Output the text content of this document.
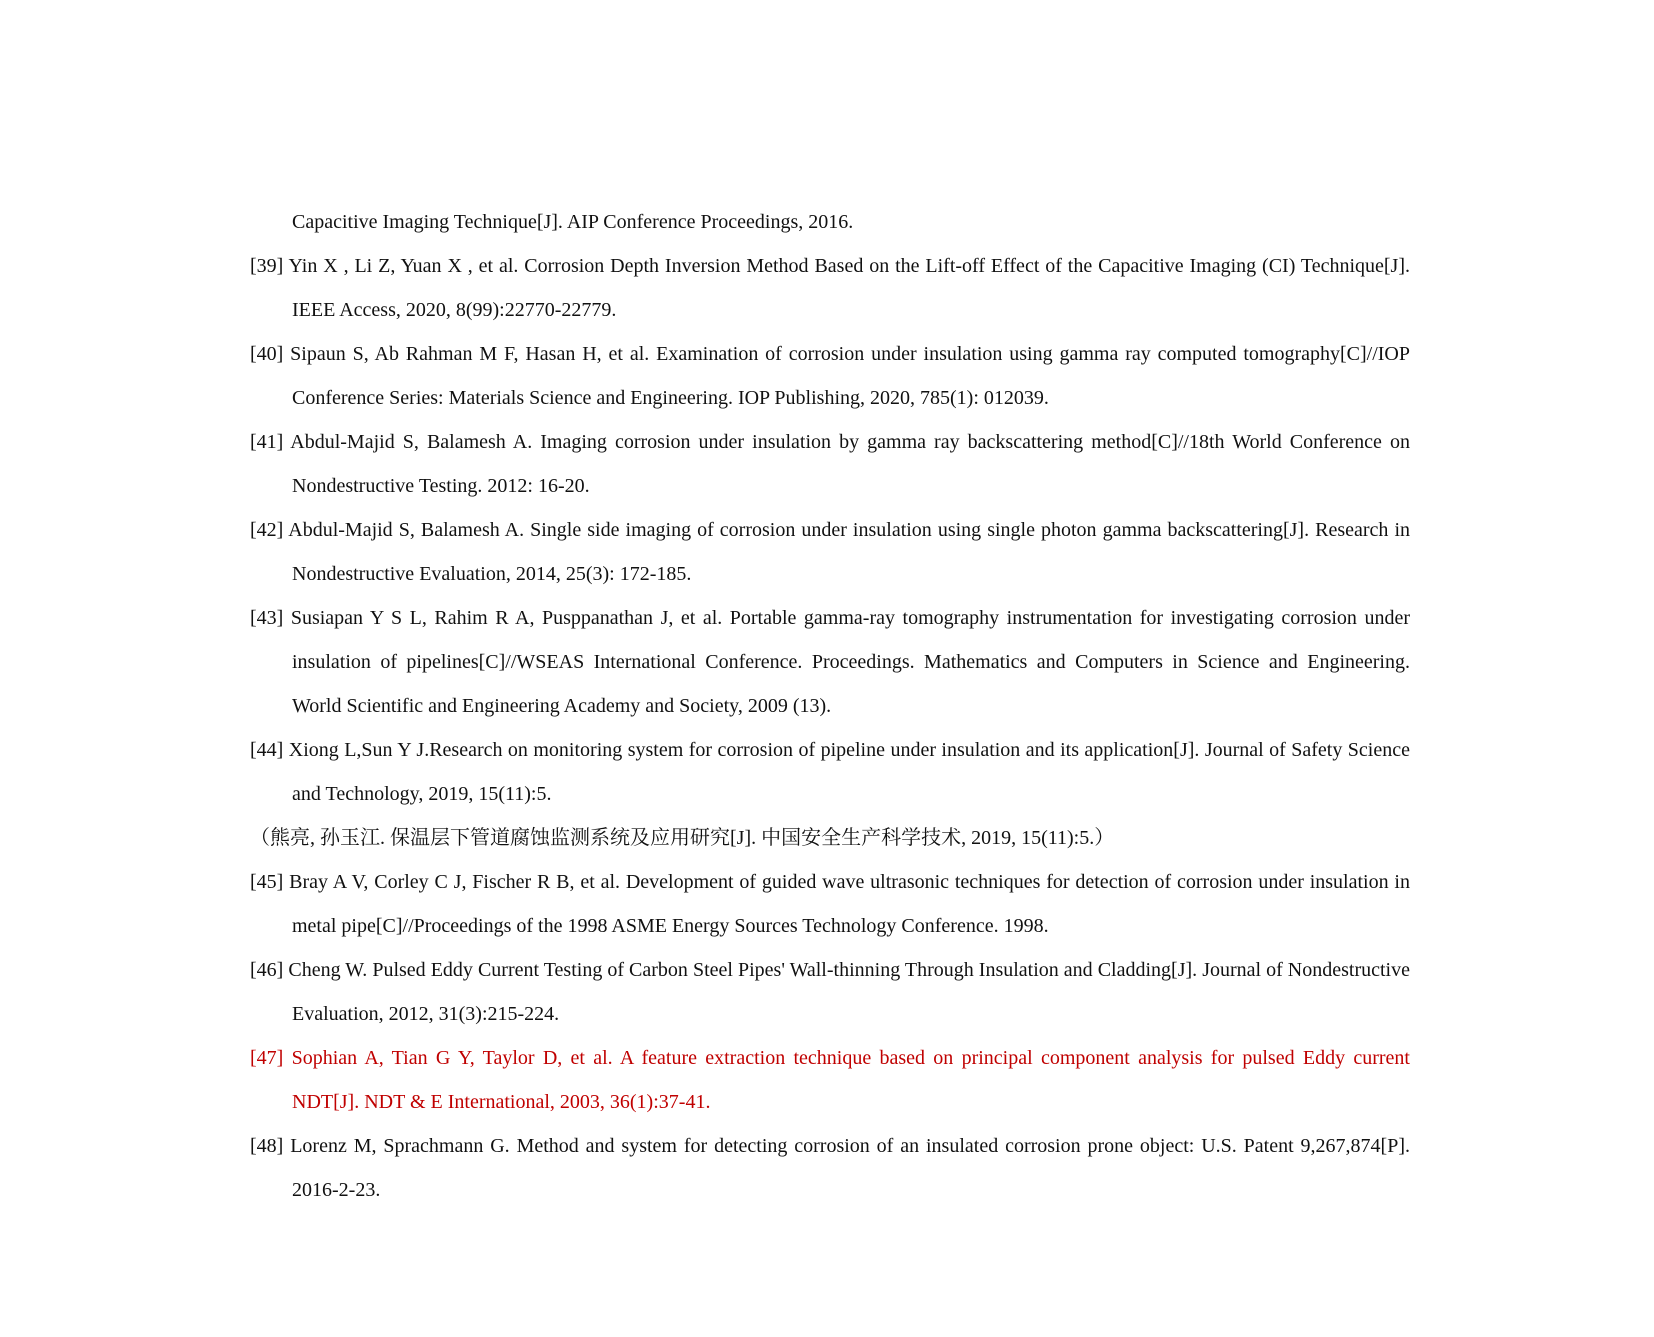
Capacitive Imaging Technique[J]. AIP Conference Proceedings, 2016.

[39] Yin X , Li Z, Yuan X , et al. Corrosion Depth Inversion Method Based on the Lift-off Effect of the Capacitive Imaging (CI) Technique[J]. IEEE Access, 2020, 8(99):22770-22779.

[40] Sipaun S, Ab Rahman M F, Hasan H, et al. Examination of corrosion under insulation using gamma ray computed tomography[C]//IOP Conference Series: Materials Science and Engineering. IOP Publishing, 2020, 785(1): 012039.

[41] Abdul-Majid S, Balamesh A. Imaging corrosion under insulation by gamma ray backscattering method[C]//18th World Conference on Nondestructive Testing. 2012: 16-20.

[42] Abdul-Majid S, Balamesh A. Single side imaging of corrosion under insulation using single photon gamma backscattering[J]. Research in Nondestructive Evaluation, 2014, 25(3): 172-185.

[43] Susiapan Y S L, Rahim R A, Pusppanathan J, et al. Portable gamma-ray tomography instrumentation for investigating corrosion under insulation of pipelines[C]//WSEAS International Conference. Proceedings. Mathematics and Computers in Science and Engineering. World Scientific and Engineering Academy and Society, 2009 (13).

[44] Xiong L,Sun Y J.Research on monitoring system for corrosion of pipeline under insulation and its application[J]. Journal of Safety Science and Technology, 2019, 15(11):5.

（熊亮, 孙玉江. 保温层下管道腐蚀监测系统及应用研究[J]. 中国安全生产科学技术, 2019, 15(11):5.）

[45] Bray A V, Corley C J, Fischer R B, et al. Development of guided wave ultrasonic techniques for detection of corrosion under insulation in metal pipe[C]//Proceedings of the 1998 ASME Energy Sources Technology Conference. 1998.

[46] Cheng W. Pulsed Eddy Current Testing of Carbon Steel Pipes' Wall-thinning Through Insulation and Cladding[J]. Journal of Nondestructive Evaluation, 2012, 31(3):215-224.

[47] Sophian A, Tian G Y, Taylor D, et al. A feature extraction technique based on principal component analysis for pulsed Eddy current NDT[J]. NDT & E International, 2003, 36(1):37-41.

[48] Lorenz M, Sprachmann G. Method and system for detecting corrosion of an insulated corrosion prone object: U.S. Patent 9,267,874[P]. 2016-2-23.
